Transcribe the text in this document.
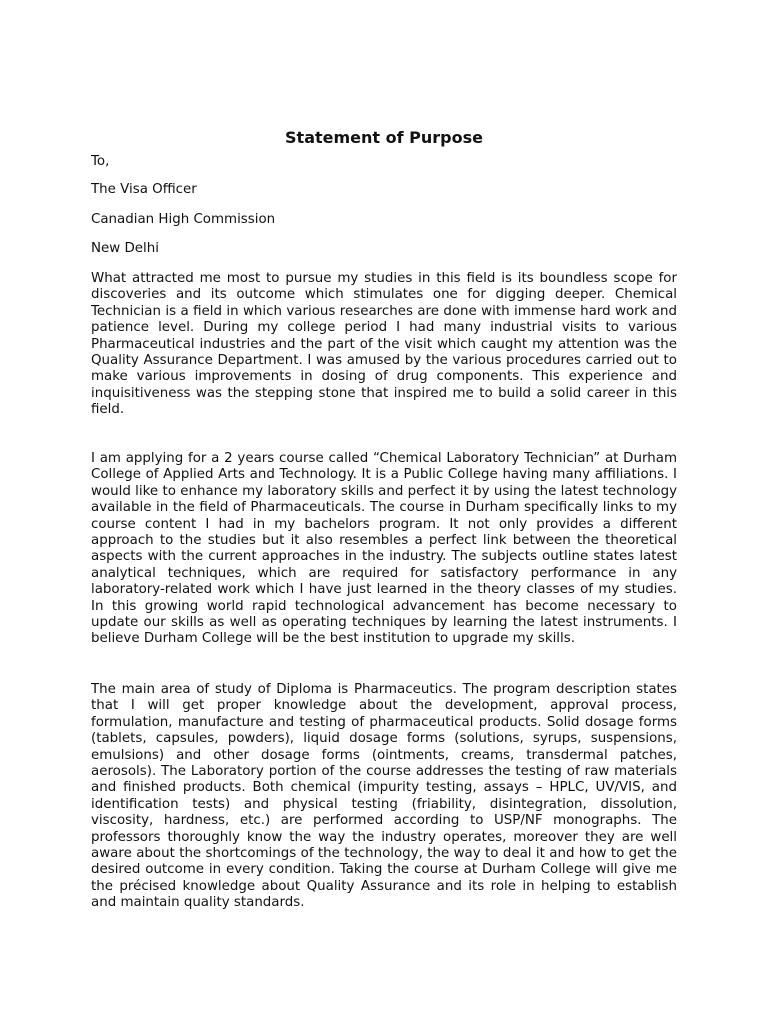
Statement of Purpose

To,

The Visa Officer

Canadian High Commission

New Delhi

What attracted me most to pursue my studies in this field is its boundless scope for discoveries and its outcome which stimulates one for digging deeper. Chemical Technician is a field in which various researches are done with immense hard work and patience level. During my college period I had many industrial visits to various Pharmaceutical industries and the part of the visit which caught my attention was the Quality Assurance Department. I was amused by the various procedures carried out to make various improvements in dosing of drug components. This experience and inquisitiveness was the stepping stone that inspired me to build a solid career in this field.

I am applying for a 2 years course called “Chemical Laboratory Technician” at Durham College of Applied Arts and Technology. It is a Public College having many affiliations. I would like to enhance my laboratory skills and perfect it by using the latest technology available in the field of Pharmaceuticals. The course in Durham specifically links to my course content I had in my bachelors program. It not only provides a different approach to the studies but it also resembles a perfect link between the theoretical aspects with the current approaches in the industry. The subjects outline states latest analytical techniques, which are required for satisfactory performance in any laboratory-related work which I have just learned in the theory classes of my studies. In this growing world rapid technological advancement has become necessary to update our skills as well as operating techniques by learning the latest instruments. I believe Durham College will be the best institution to upgrade my skills.

The main area of study of Diploma is Pharmaceutics. The program description states that I will get proper knowledge about the development, approval process, formulation, manufacture and testing of pharmaceutical products. Solid dosage forms (tablets, capsules, powders), liquid dosage forms (solutions, syrups, suspensions, emulsions) and other dosage forms (ointments, creams, transdermal patches, aerosols). The Laboratory portion of the course addresses the testing of raw materials and finished products. Both chemical (impurity testing, assays – HPLC, UV/VIS, and identification tests) and physical testing (friability, disintegration, dissolution, viscosity, hardness, etc.) are performed according to USP/NF monographs. The professors thoroughly know the way the industry operates, moreover they are well aware about the shortcomings of the technology, the way to deal it and how to get the desired outcome in every condition. Taking the course at Durham College will give me the précised knowledge about Quality Assurance and its role in helping to establish and maintain quality standards.
